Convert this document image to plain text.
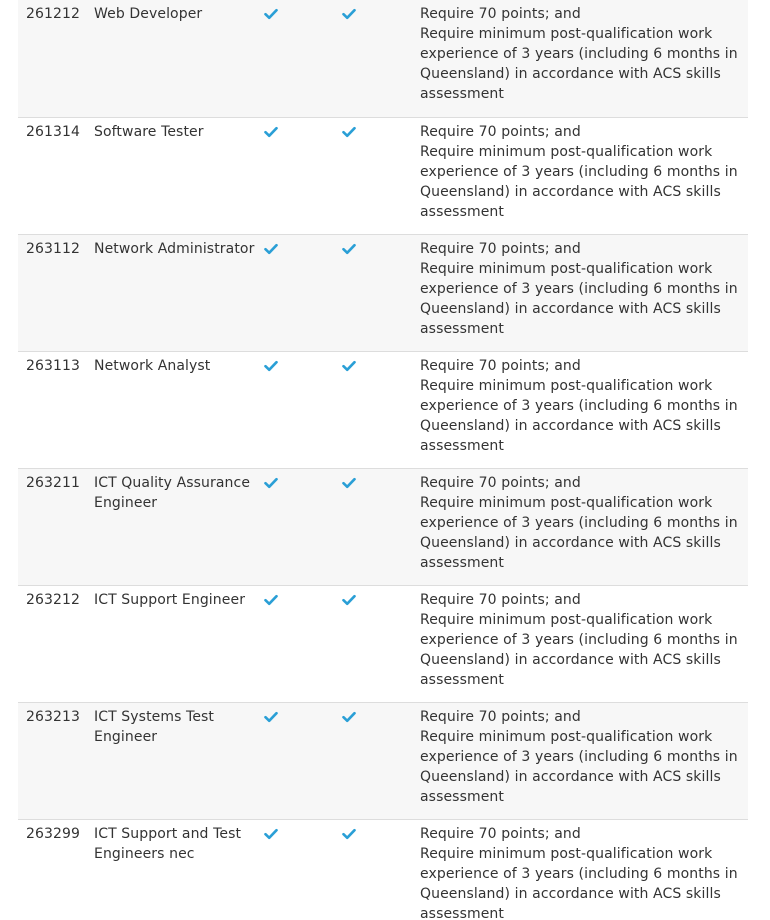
261212	Web Developer			Require 70 points; and
Require minimum post-qualification work experience of 3 years (including 6 months in Queensland) in accordance with ACS skills assessment

261314	Software Tester			Require 70 points; and
Require minimum post-qualification work experience of 3 years (including 6 months in Queensland) in accordance with ACS skills assessment

263112	Network Administrator			Require 70 points; and
Require minimum post-qualification work experience of 3 years (including 6 months in Queensland) in accordance with ACS skills assessment

263113	Network Analyst			Require 70 points; and
Require minimum post-qualification work experience of 3 years (including 6 months in Queensland) in accordance with ACS skills assessment

263211	ICT Quality Assurance Engineer			Require 70 points; and
Require minimum post-qualification work experience of 3 years (including 6 months in Queensland) in accordance with ACS skills assessment

263212	ICT Support Engineer			Require 70 points; and
Require minimum post-qualification work experience of 3 years (including 6 months in Queensland) in accordance with ACS skills assessment

263213	ICT Systems Test Engineer			Require 70 points; and
Require minimum post-qualification work experience of 3 years (including 6 months in Queensland) in accordance with ACS skills assessment

263299	ICT Support and Test Engineers nec			Require 70 points; and
Require minimum post-qualification work experience of 3 years (including 6 months in Queensland) in accordance with ACS skills assessment
